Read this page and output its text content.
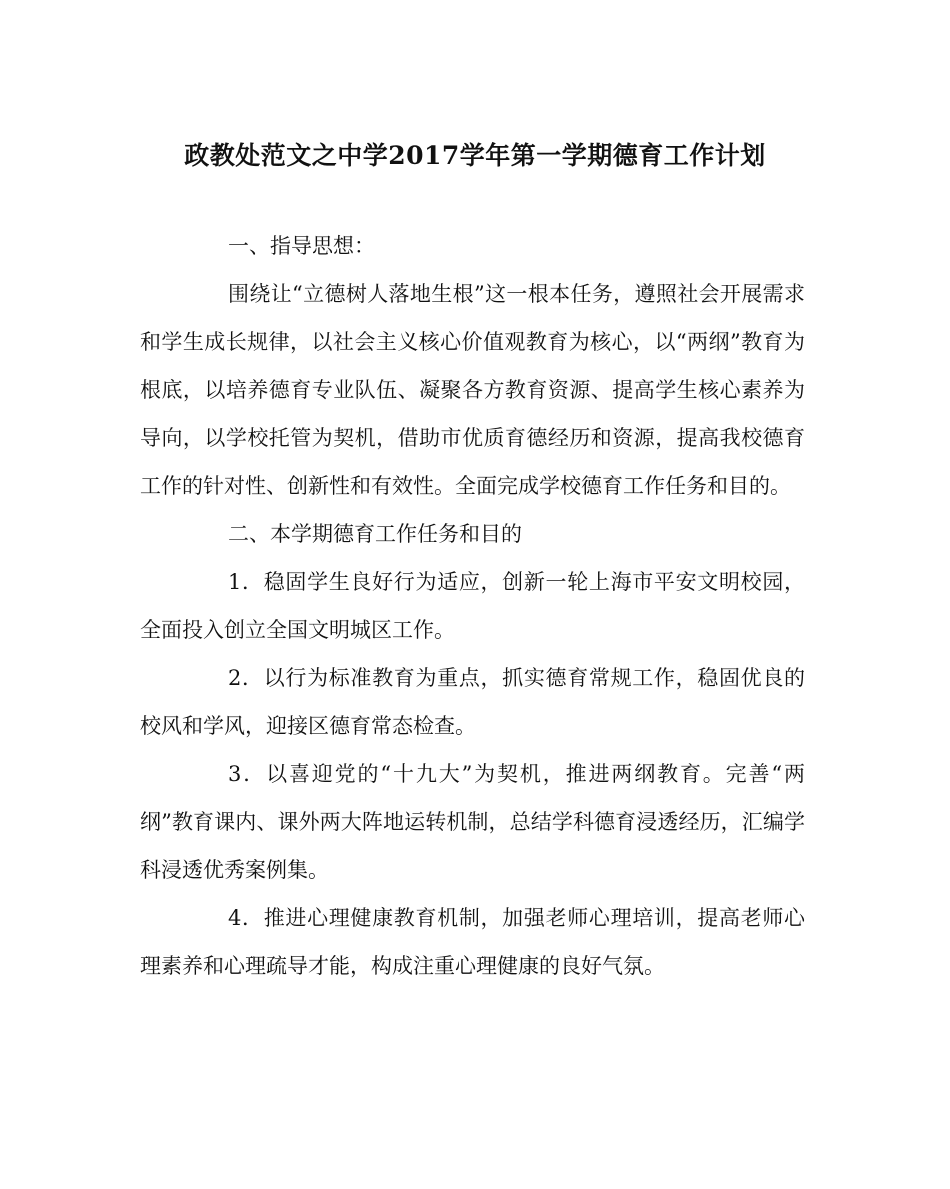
政教处范文之中学2017学年第一学期德育工作计划

一、指导思想：

围绕让“立德树人落地生根”这一根本任务，遵照社会开展需求和学生成长规律，以社会主义核心价值观教育为核心，以“两纲”教育为根底，以培养德育专业队伍、凝聚各方教育资源、提高学生核心素养为导向，以学校托管为契机，借助市优质育德经历和资源，提高我校德育工作的针对性、创新性和有效性。全面完成学校德育工作任务和目的。

二、本学期德育工作任务和目的

1．稳固学生良好行为适应，创新一轮上海市平安文明校园，全面投入创立全国文明城区工作。

2．以行为标准教育为重点，抓实德育常规工作，稳固优良的校风和学风，迎接区德育常态检查。

3．以喜迎党的“十九大”为契机，推进两纲教育。完善“两纲”教育课内、课外两大阵地运转机制，总结学科德育浸透经历，汇编学科浸透优秀案例集。

4．推进心理健康教育机制，加强老师心理培训，提高老师心理素养和心理疏导才能，构成注重心理健康的良好气氛。
